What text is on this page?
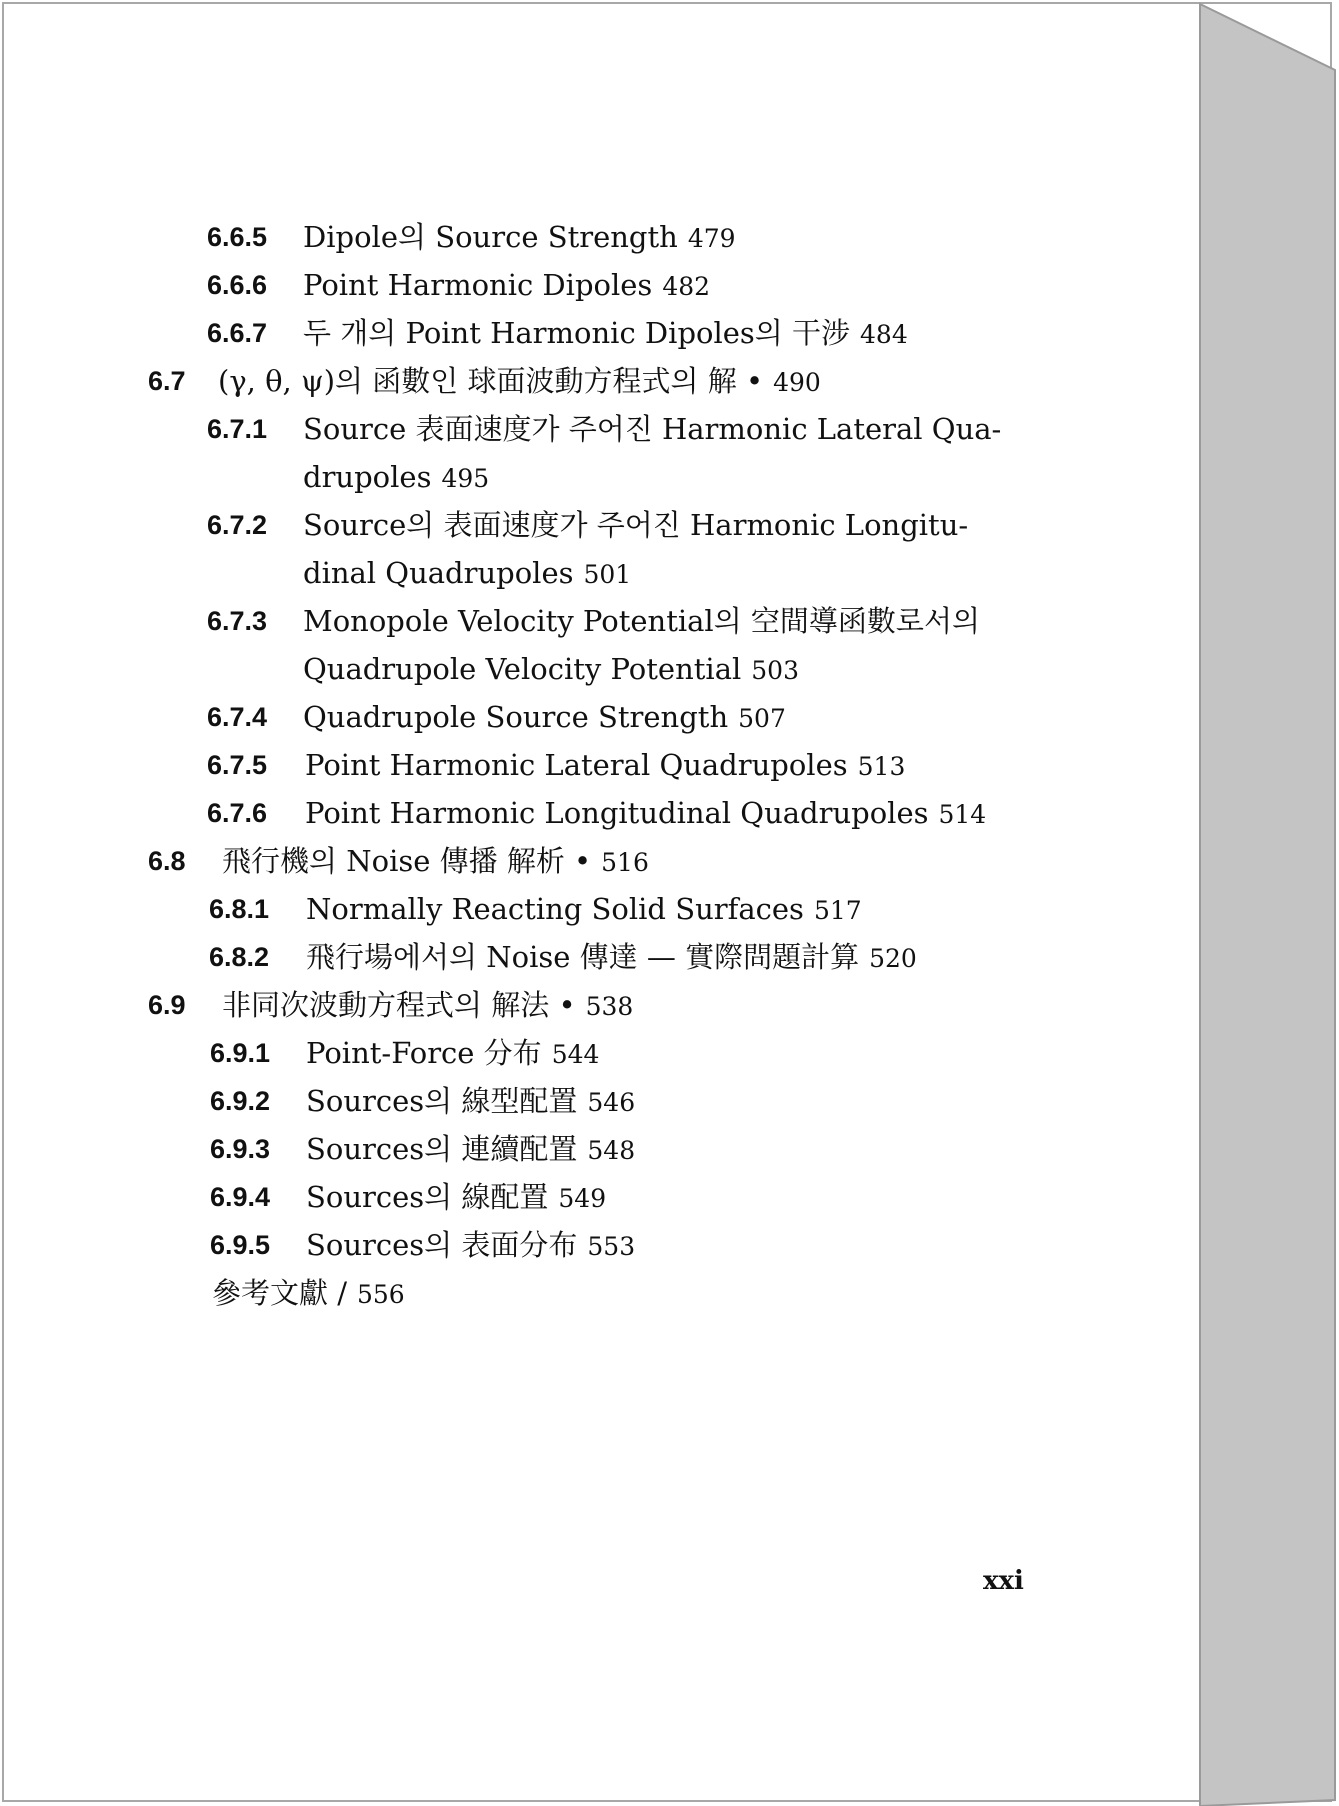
6.6.5 Dipole의 Source Strength 479
6.6.6 Point Harmonic Dipoles 482
6.6.7 두 개의 Point Harmonic Dipoles의 干涉 484
6.7 (γ, θ, ψ)의 函數인 球面波動方程式의 解 • 490
6.7.1 Source 表面速度가 주어진 Harmonic Lateral Qua-
drupoles 495
6.7.2 Source의 表面速度가 주어진 Harmonic Longitu-
dinal Quadrupoles 501
6.7.3 Monopole Velocity Potential의 空間導函數로서의
Quadrupole Velocity Potential 503
6.7.4 Quadrupole Source Strength 507
6.7.5 Point Harmonic Lateral Quadrupoles 513
6.7.6 Point Harmonic Longitudinal Quadrupoles 514
6.8 飛行機의 Noise 傳播 解析 • 516
6.8.1 Normally Reacting Solid Surfaces 517
6.8.2 飛行場에서의 Noise 傳達 — 實際問題計算 520
6.9 非同次波動方程式의 解法 • 538
6.9.1 Point-Force 分布 544
6.9.2 Sources의 線型配置 546
6.9.3 Sources의 連續配置 548
6.9.4 Sources의 線配置 549
6.9.5 Sources의 表面分布 553
參考文獻 / 556
xxi
